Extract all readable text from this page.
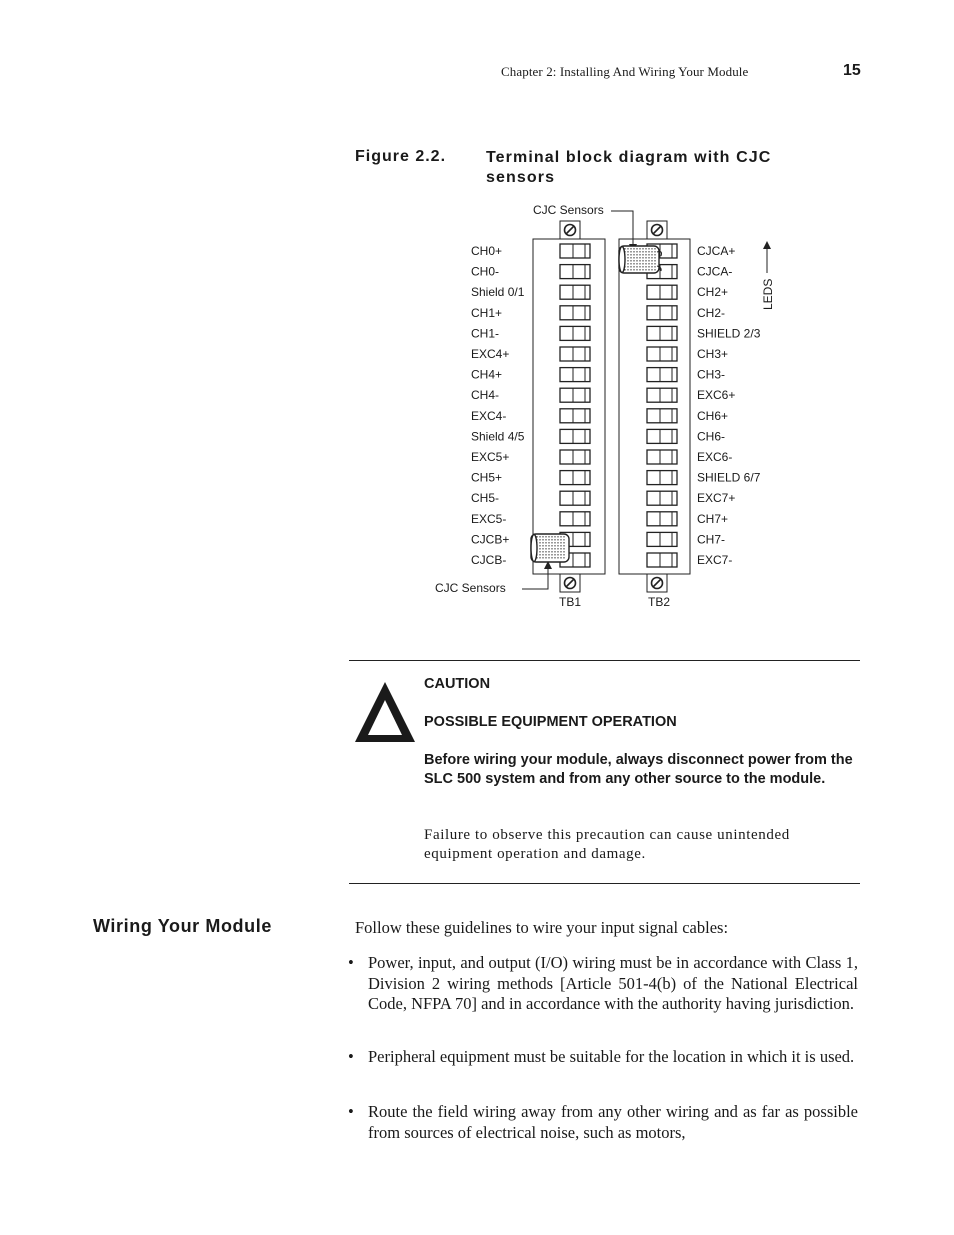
Chapter 2: Installing And Wiring Your Module	15
Figure 2.2. Terminal block diagram with CJC sensors
CH0+
CH0-
Shield 0/1
CH1+
CH1-
EXC4+
CH4+
CH4-
EXC4-
Shield 4/5
EXC5+
CH5+
CH5-
EXC5-
CJCB+
CJCB-
CJCA+
CJCA-
CH2+
CH2-
SHIELD 2/3
CH3+
CH3-
EXC6+
CH6+
CH6-
EXC6-
SHIELD 6/7
EXC7+
CH7+
CH7-
EXC7-
CJC Sensors
CJC Sensors
TB1	TB2
LEDS
CAUTION
POSSIBLE EQUIPMENT OPERATION
Before wiring your module, always disconnect power from the SLC 500 system and from any other source to the module.
Failure to observe this precaution can cause unintended equipment operation and damage.
Wiring Your Module	Follow these guidelines to wire your input signal cables:
• Power, input, and output (I/O) wiring must be in accordance with Class 1, Division 2 wiring methods [Article 501-4(b) of the National Electrical Code, NFPA 70] and in accordance with the authority having jurisdiction.
• Peripheral equipment must be suitable for the location in which it is used.
• Route the field wiring away from any other wiring and as far as possible from sources of electrical noise, such as motors,
